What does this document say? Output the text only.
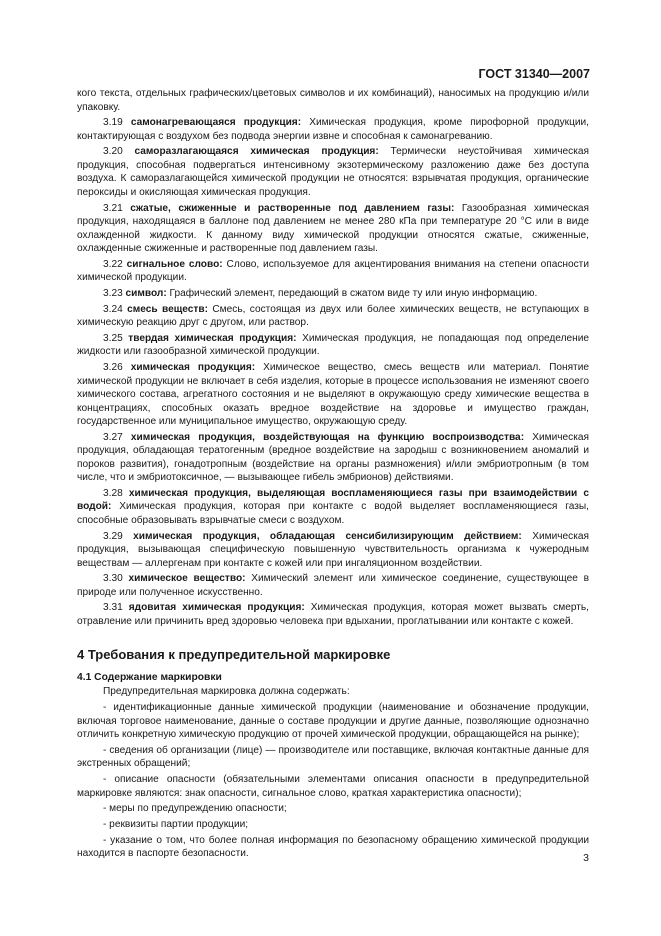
ГОСТ 31340—2007

кого текста, отдельных графических/цветовых символов и их комбинаций), наносимых на продукцию и/или упаковку.

3.19 самонагревающаяся продукция: Химическая продукция, кроме пирофорной продукции, контактирующая с воздухом без подвода энергии извне и способная к самонагреванию.

3.20 саморазлагающаяся химическая продукция: Термически неустойчивая химическая продукция, способная подвергаться интенсивному экзотермическому разложению даже без доступа воздуха. К саморазлагающейся химической продукции не относятся: взрывчатая продукция, органические пероксиды и окисляющая химическая продукция.

3.21 сжатые, сжиженные и растворенные под давлением газы: Газообразная химическая продукция, находящаяся в баллоне под давлением не менее 280 кПа при температуре 20 °С или в виде охлажденной жидкости. К данному виду химической продукции относятся сжатые, сжиженные, охлажденные сжиженные и растворенные под давлением газы.

3.22 сигнальное слово: Слово, используемое для акцентирования внимания на степени опасности химической продукции.

3.23 символ: Графический элемент, передающий в сжатом виде ту или иную информацию.

3.24 смесь веществ: Смесь, состоящая из двух или более химических веществ, не вступающих в химическую реакцию друг с другом, или раствор.

3.25 твердая химическая продукция: Химическая продукция, не попадающая под определение жидкости или газообразной химической продукции.

3.26 химическая продукция: Химическое вещество, смесь веществ или материал. Понятие химической продукции не включает в себя изделия, которые в процессе использования не изменяют своего химического состава, агрегатного состояния и не выделяют в окружающую среду химические вещества в концентрациях, способных оказать вредное воздействие на здоровье и имущество граждан, государственное или муниципальное имущество, окружающую среду.

3.27 химическая продукция, воздействующая на функцию воспроизводства: Химическая продукция, обладающая тератогенным (вредное воздействие на зародыш с возникновением аномалий и пороков развития), гонадотропным (воздействие на органы размножения) и/или эмбриотропным (в том числе, что и эмбриотоксичное, — вызывающее гибель эмбрионов) действиями.

3.28 химическая продукция, выделяющая воспламеняющиеся газы при взаимодействии с водой: Химическая продукция, которая при контакте с водой выделяет воспламеняющиеся газы, способные образовывать взрывчатые смеси с воздухом.

3.29 химическая продукция, обладающая сенсибилизирующим действием: Химическая продукция, вызывающая специфическую повышенную чувствительность организма к чужеродным веществам — аллергенам при контакте с кожей или при ингаляционном воздействии.

3.30 химическое вещество: Химический элемент или химическое соединение, существующее в природе или полученное искусственно.

3.31 ядовитая химическая продукция: Химическая продукция, которая может вызвать смерть, отравление или причинить вред здоровью человека при вдыхании, проглатывании или контакте с кожей.

4 Требования к предупредительной маркировке

4.1 Содержание маркировки

Предупредительная маркировка должна содержать:

- идентификационные данные химической продукции (наименование и обозначение продукции, включая торговое наименование, данные о составе продукции и другие данные, позволяющие однозначно отличить конкретную химическую продукцию от прочей химической продукции, обращающейся на рынке);

- сведения об организации (лице) — производителе или поставщике, включая контактные данные для экстренных обращений;

- описание опасности (обязательными элементами описания опасности в предупредительной маркировке являются: знак опасности, сигнальное слово, краткая характеристика опасности);

- меры по предупреждению опасности;

- реквизиты партии продукции;

- указание о том, что более полная информация по безопасному обращению химической продукции находится в паспорте безопасности.	3
